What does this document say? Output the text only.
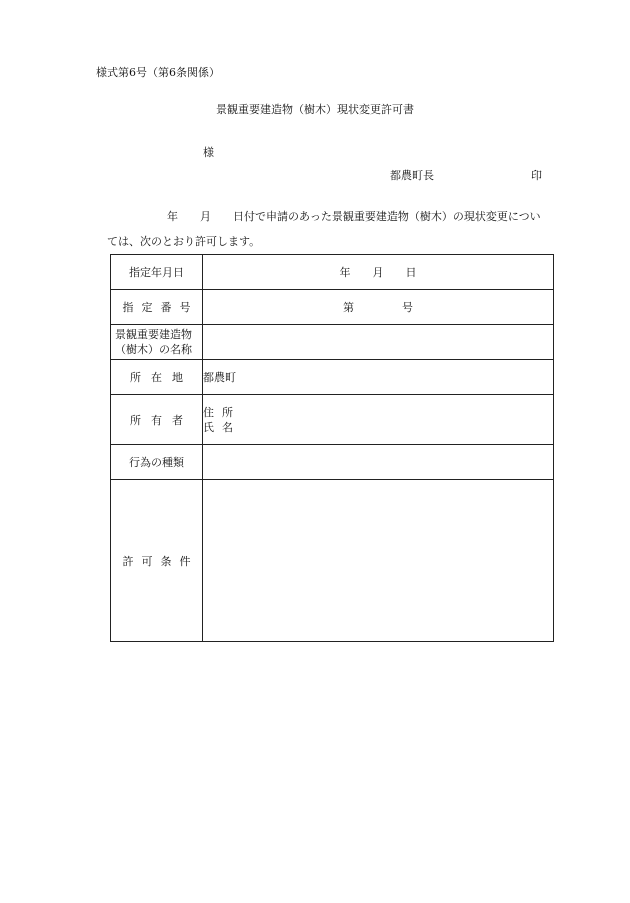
様式第6号（第6条関係）
景観重要建造物（樹木）現状変更許可書
様
都農町長	印
年 月 日付で申請のあった景観重要建造物（樹木）の現状変更につい
ては、次のとおり許可します。
指定年月日	年 月 日
指 定 番 号	第 号

景観重要建造物
（樹木）の名称	

所 在 地	都農町
所 有 者	住 所
氏 名

行為の種類	
許 可 条 件	
